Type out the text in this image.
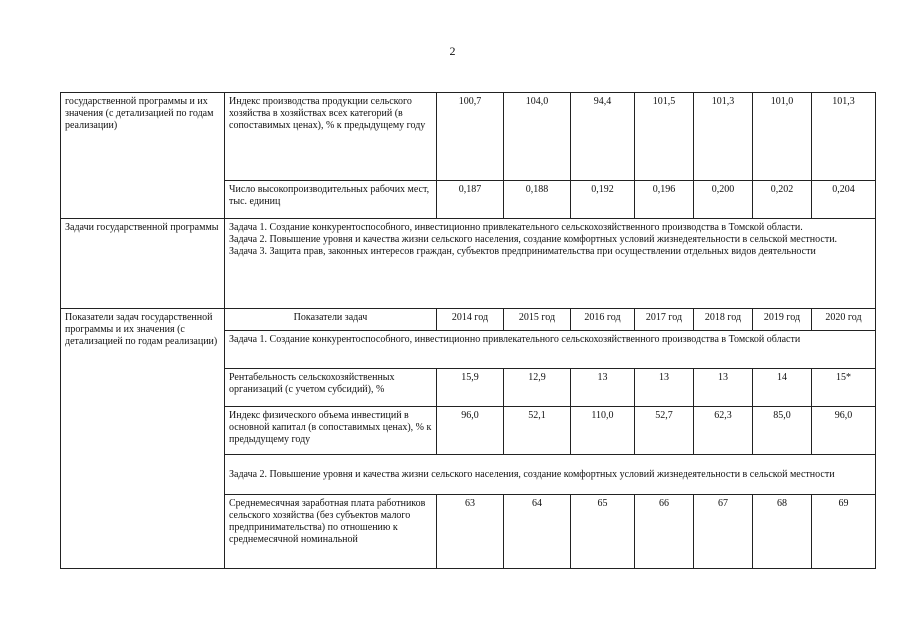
2
государственной программы и их значения (с детализацией по годам реализации)	Индекс производства продукции сельского хозяйства в хозяйствах всех категорий (в сопоставимых ценах), % к предыдущему году	100,7	104,0	94,4	101,5	101,3	101,0	101,3
	Число высокопроизводительных рабочих мест, тыс. единиц	0,187	0,188	0,192	0,196	0,200	0,202	0,204
Задачи государственной программы	Задача 1. Создание конкурентоспособного, инвестиционно привлекательного сельскохозяйственного производства в Томской области.
Задача 2. Повышение уровня и качества жизни сельского населения, создание комфортных условий жизнедеятельности в сельской местности.
Задача 3. Защита прав, законных интересов граждан, субъектов предпринимательства при осуществлении отдельных видов деятельности							

Показатели задач государственной программы и их значения (с детализацией по годам реализации)	Показатели задач	2014 год	2015 год	2016 год	2017 год	2018 год	2019 год	2020 год
	Задача 1. Создание конкурентоспособного, инвестиционно привлекательного сельскохозяйственного производства в Томской области							
	Рентабельность сельскохозяйственных организаций (с учетом субсидий), %	15,9	12,9	13	13	13	14	15*
	Индекс физического объема инвестиций в основной капитал (в сопоставимых ценах), % к предыдущему году	96,0	52,1	110,0	52,7	62,3	85,0	96,0
	Задача 2. Повышение уровня и качества жизни сельского населения, создание комфортных условий жизнедеятельности в сельской местности							
	Среднемесячная заработная плата работников сельского хозяйства (без субъектов малого предпринимательства) по отношению к среднемесячной номинальной	63	64	65	66	67	68	69
